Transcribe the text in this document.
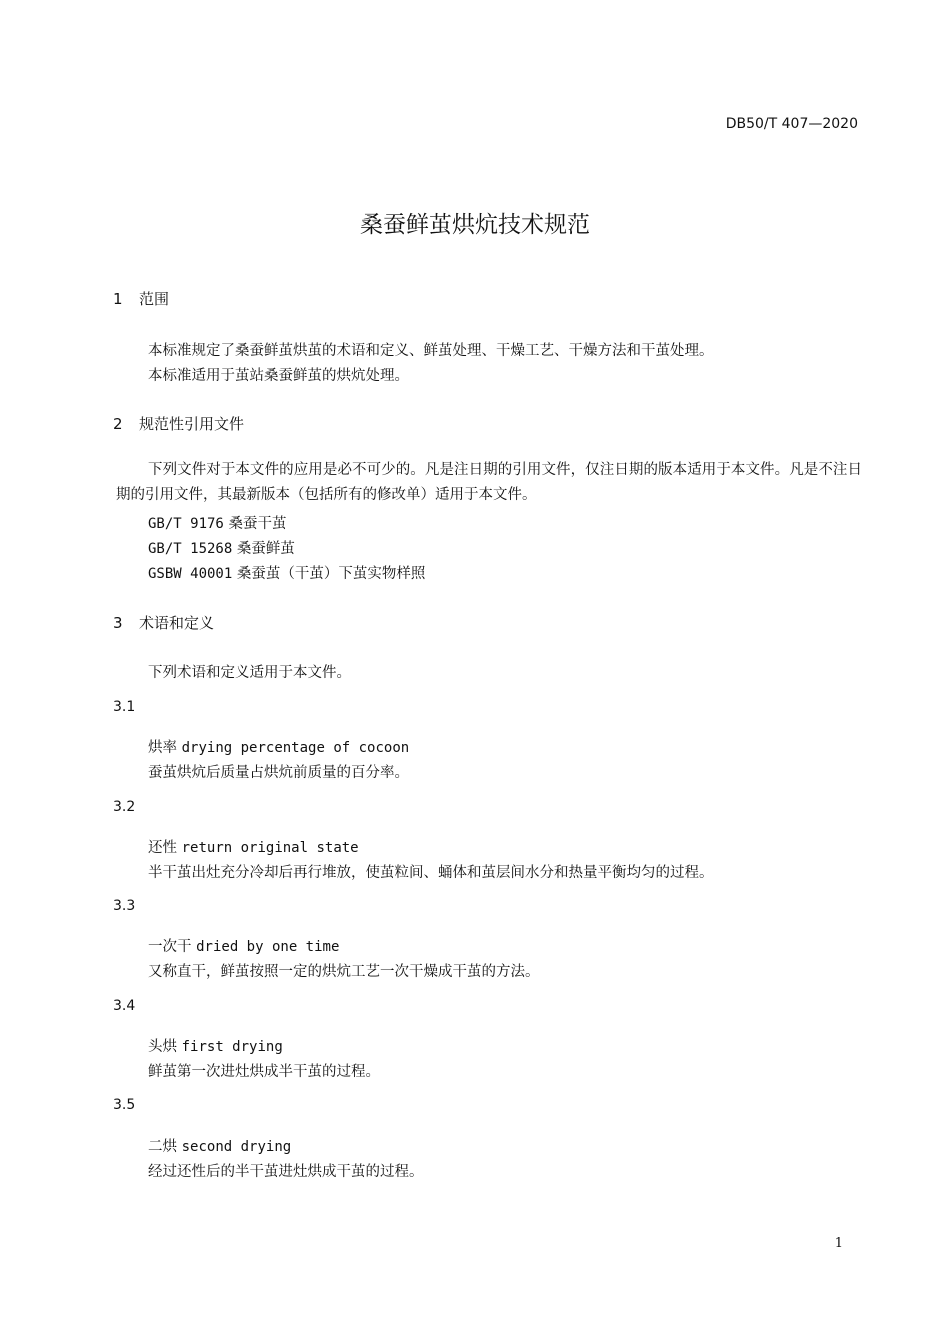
DB50/T 407—2020
桑蚕鲜茧烘炕技术规范
1 范围
本标准规定了桑蚕鲜茧烘茧的术语和定义、鲜茧处理、干燥工艺、干燥方法和干茧处理。
本标准适用于茧站桑蚕鲜茧的烘炕处理。
2 规范性引用文件
下列文件对于本文件的应用是必不可少的。凡是注日期的引用文件，仅注日期的版本适用于本文件。凡是不注日期的引用文件，其最新版本（包括所有的修改单）适用于本文件。
GB/T 9176 桑蚕干茧
GB/T 15268 桑蚕鲜茧
GSBW 40001 桑蚕茧（干茧）下茧实物样照
3 术语和定义
下列术语和定义适用于本文件。
3.1
烘率 drying percentage of cocoon
蚕茧烘炕后质量占烘炕前质量的百分率。
3.2
还性 return original state
半干茧出灶充分冷却后再行堆放，使茧粒间、蛹体和茧层间水分和热量平衡均匀的过程。
3.3
一次干 dried by one time
又称直干，鲜茧按照一定的烘炕工艺一次干燥成干茧的方法。
3.4
头烘 first drying
鲜茧第一次进灶烘成半干茧的过程。
3.5
二烘 second drying
经过还性后的半干茧进灶烘成干茧的过程。
1
